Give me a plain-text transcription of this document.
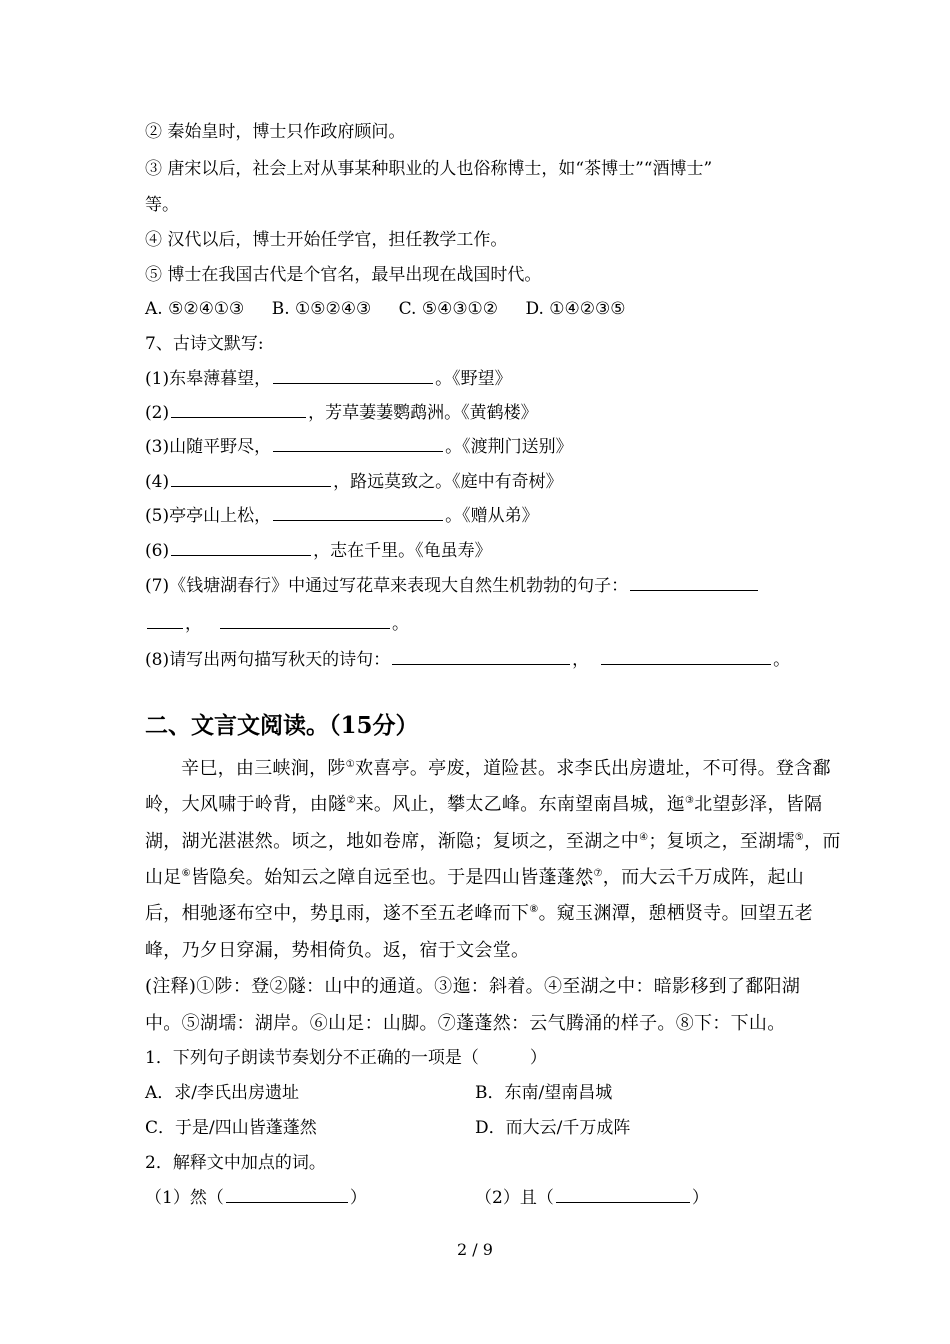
② 秦始皇时，博士只作政府顾问。
③ 唐宋以后，社会上对从事某种职业的人也俗称博士，如“茶博士”“酒博士”
等。
④ 汉代以后，博士开始任学官，担任教学工作。
⑤ 博士在我国古代是个官名，最早出现在战国时代。
A. ⑤②④①③ B. ①⑤②④③ C. ⑤④③①② D. ①④②③⑤
7、古诗文默写:
(1)东皋薄暮望，	。《野望》
(2)	，芳草萋萋鹦鹉洲。《黄鹤楼》
(3)山随平野尽，	。《渡荆门送别》
(4)	，路远莫致之。《庭中有奇树》
(5)亭亭山上松，	。《赠从弟》
(6)	，志在千里。《龟虽寿》
(7)《钱塘湖春行》中通过写花草来表现大自然生机勃勃的句子：
，	。
(8)请写出两句描写秋天的诗句：	，	。
二、文言文阅读。（15分）
辛巳，由三峡涧，陟①欢喜亭。亭废，道险甚。求李氏出房遗址，不可得。登含鄱
岭，大风啸于岭背，由隧②来。风止，攀太乙峰。东南望南昌城，迤③北望彭泽，皆隔
湖，湖光湛湛然。顷之，地如卷席，渐隐；复顷之，至湖之中④；复顷之，至湖壖⑤，而
山足⑥皆隐矣。始知云之障自远至也。于是四山皆蓬蓬然⑦，而大云千万成阵，起山
后，相驰逐布空中，势且雨，遂不至五老峰而下⑧。窥玉渊潭，憩栖贤寺。回望五老
峰，乃夕日穿漏，势相倚负。返，宿于文会堂。
(注释)①陟：登②隧：山中的通道。③迤：斜着。④至湖之中：暗影移到了鄱阳湖
中。⑤湖壖：湖岸。⑥山足：山脚。⑦蓬蓬然：云气腾涌的样子。⑧下：下山。
1．下列句子朗读节奏划分不正确的一项是（　　　）
A．求/李氏出房遗址	B．东南/望南昌城
C．于是/四山皆蓬蓬然	D．而大云/千万成阵
2．解释文中加点的词。
（1）然（	）	（2）且（	）
2 / 9
